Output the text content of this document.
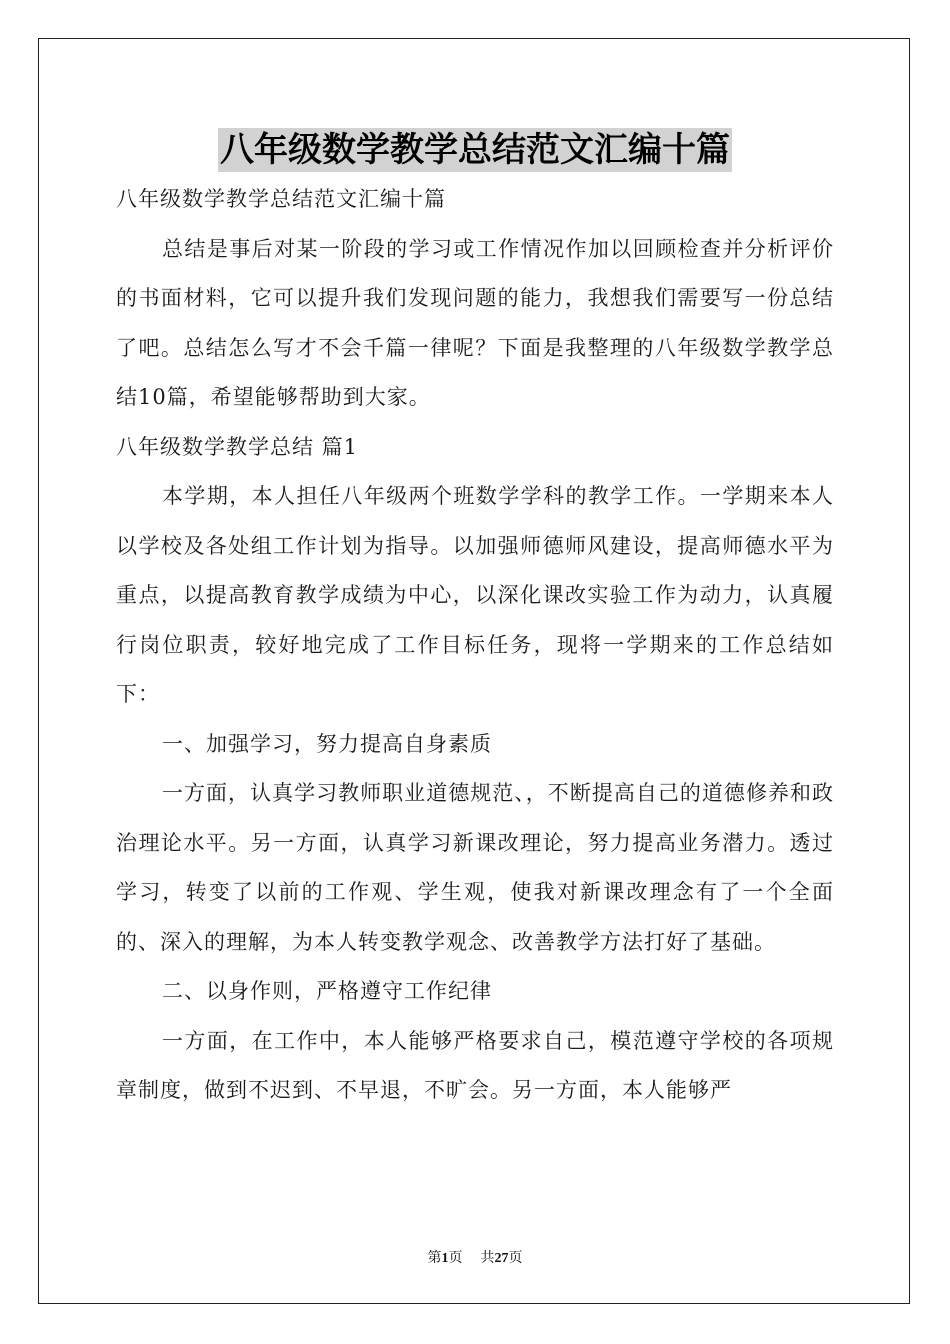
八年级数学教学总结范文汇编十篇

八年级数学教学总结范文汇编十篇

总结是事后对某一阶段的学习或工作情况作加以回顾检查并分析评价的书面材料，它可以提升我们发现问题的能力，我想我们需要写一份总结了吧。总结怎么写才不会千篇一律呢？下面是我整理的八年级数学教学总结10篇，希望能够帮助到大家。

八年级数学教学总结 篇1

本学期，本人担任八年级两个班数学学科的教学工作。一学期来本人以学校及各处组工作计划为指导。以加强师德师风建设，提高师德水平为重点，以提高教育教学成绩为中心，以深化课改实验工作为动力，认真履行岗位职责，较好地完成了工作目标任务，现将一学期来的工作总结如下：

一、加强学习，努力提高自身素质

一方面，认真学习教师职业道德规范、，不断提高自己的道德修养和政治理论水平。另一方面，认真学习新课改理论，努力提高业务潜力。透过学习，转变了以前的工作观、学生观，使我对新课改理念有了一个全面的、深入的理解，为本人转变教学观念、改善教学方法打好了基础。

二、以身作则，严格遵守工作纪律

一方面，在工作中，本人能够严格要求自己，模范遵守学校的各项规章制度，做到不迟到、不早退，不旷会。另一方面，本人能够严

第1页 共27页
